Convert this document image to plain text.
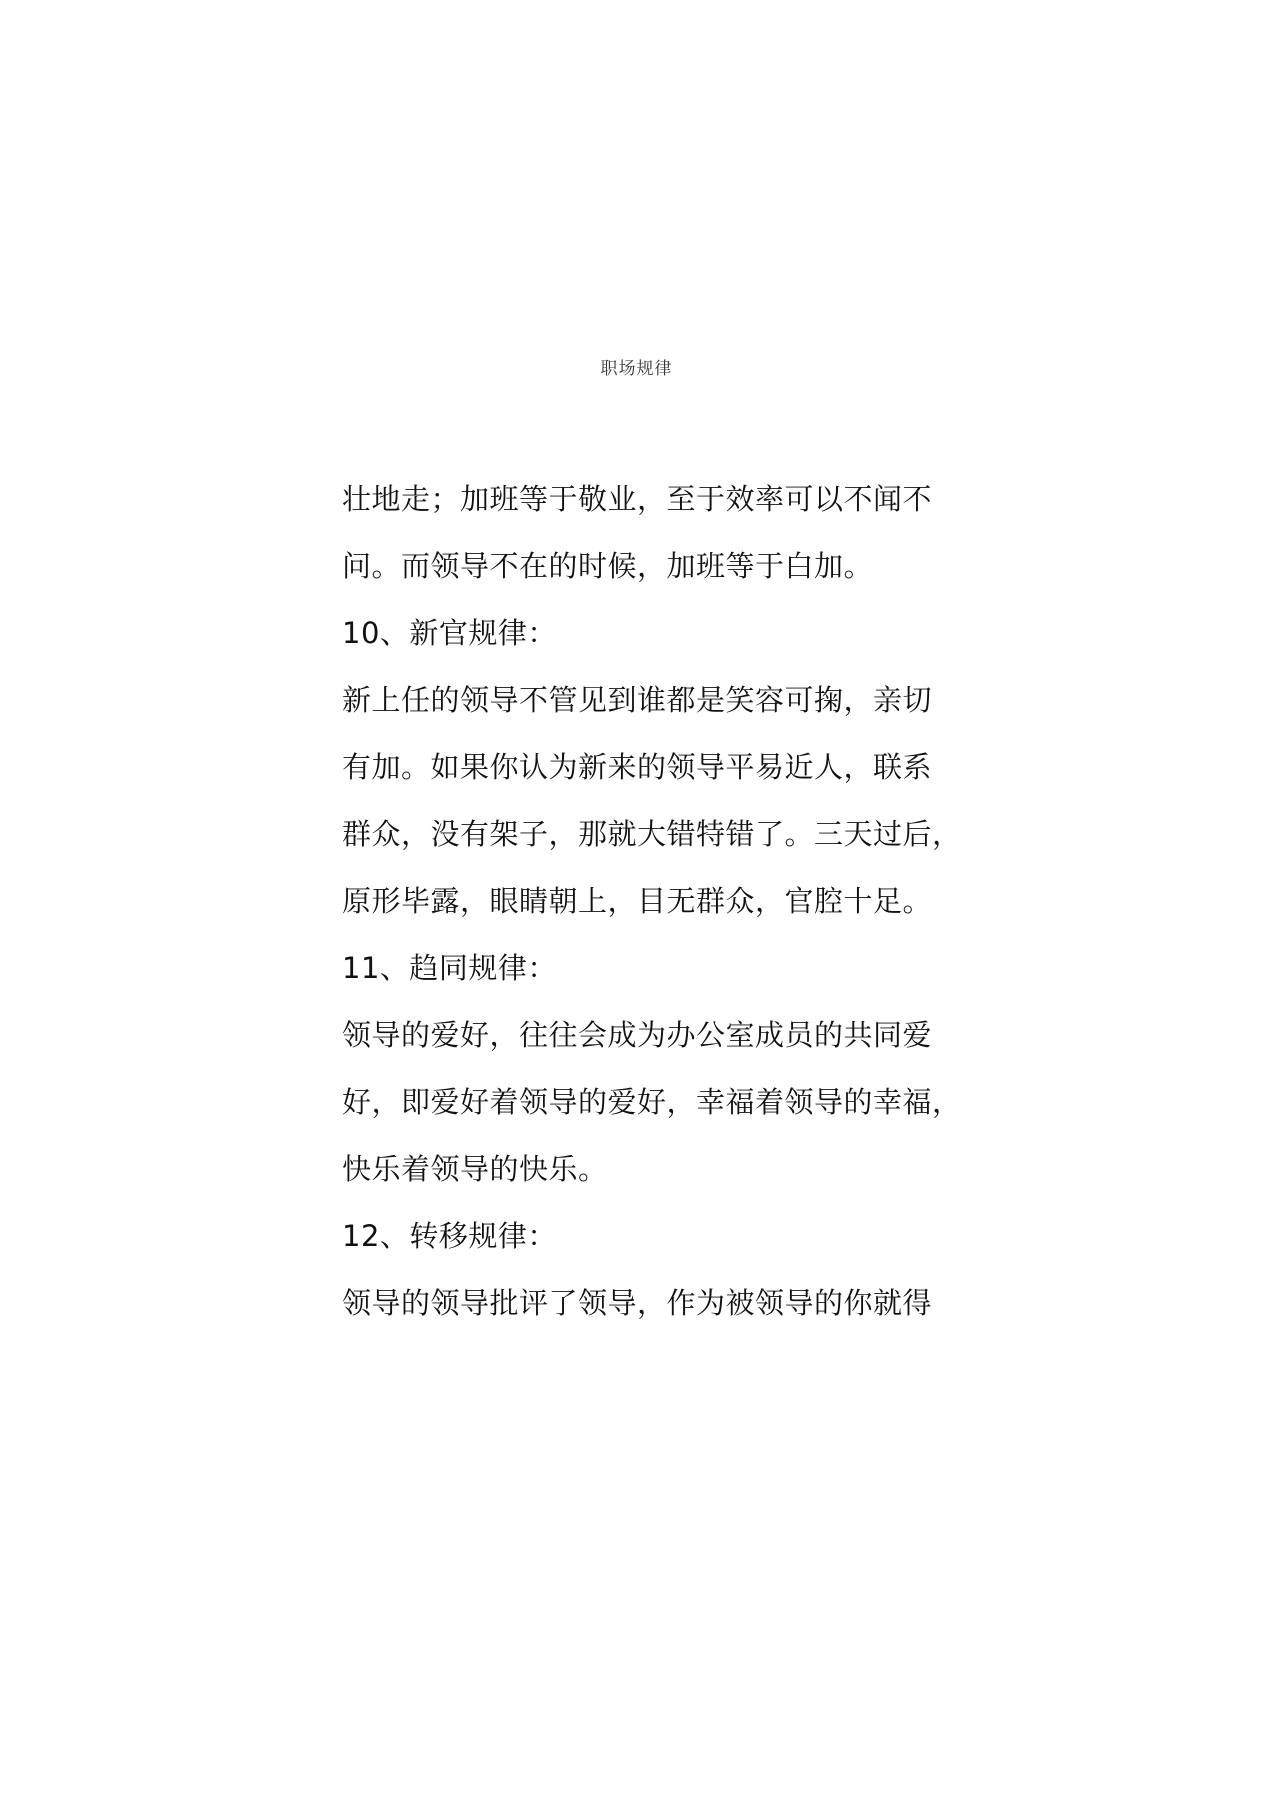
职场规律
壮地走；加班等于敬业，至于效率可以不闻不
问。而领导不在的时候，加班等于白加。
10、新官规律：
新上任的领导不管见到谁都是笑容可掬，亲切
有加。如果你认为新来的领导平易近人，联系
群众，没有架子，那就大错特错了。三天过后，
原形毕露，眼睛朝上，目无群众，官腔十足。
11、趋同规律：
领导的爱好，往往会成为办公室成员的共同爱
好，即爱好着领导的爱好，幸福着领导的幸福，
快乐着领导的快乐。
12、转移规律：
领导的领导批评了领导，作为被领导的你就得
